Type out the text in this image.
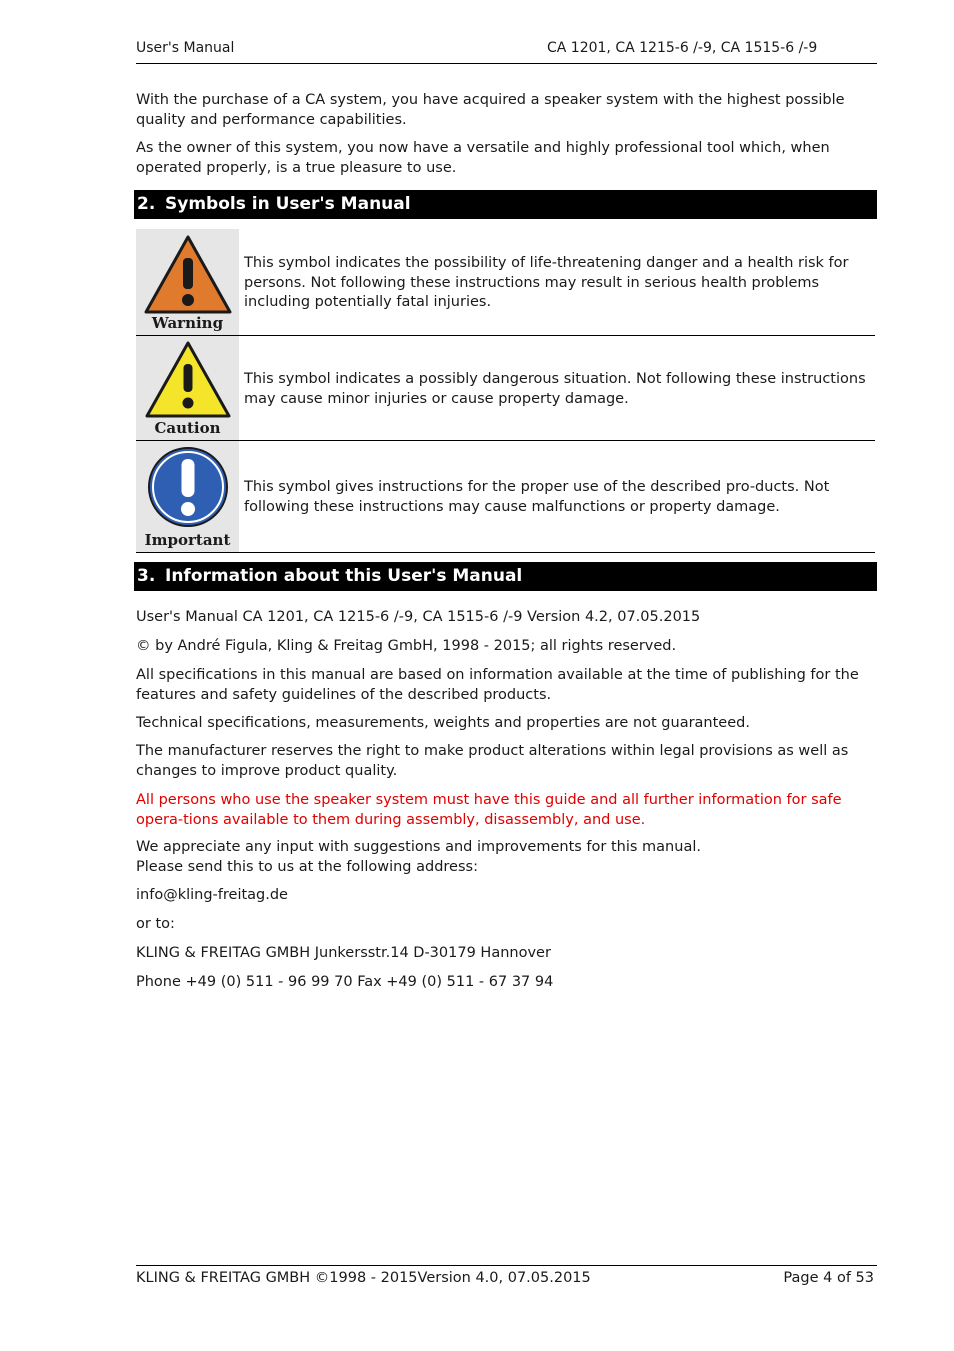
User's Manual	CA 1201, CA 1215-6 /-9, CA 1515-6 /-9

With the purchase of a CA system, you have acquired a speaker system with the highest possible quality and performance capabilities.

As the owner of this system, you now have a versatile and highly professional tool which, when operated properly, is a true pleasure to use.

2. Symbols in User's Manual
Warning
This symbol indicates the possibility of life-threatening danger and a health risk for persons. Not following these instructions may result in serious health problems including potentially fatal injuries.
Caution
This symbol indicates a possibly dangerous situation. Not following these instructions may cause minor injuries or cause property damage.
Important
This symbol gives instructions for the proper use of the described pro-ducts. Not following these instructions may cause malfunctions or property damage.
3. Information about this User's Manual

User's Manual CA 1201, CA 1215-6 /-9, CA 1515-6 /-9 Version 4.2, 07.05.2015

© by André Figula, Kling & Freitag GmbH, 1998 - 2015; all rights reserved.

All specifications in this manual are based on information available at the time of publishing for the features and safety guidelines of the described products.

Technical specifications, measurements, weights and properties are not guaranteed.

The manufacturer reserves the right to make product alterations within legal provisions as well as changes to improve product quality.

All persons who use the speaker system must have this guide and all further information for safe opera-tions available to them during assembly, disassembly, and use.

We appreciate any input with suggestions and improvements for this manual.

Please send this to us at the following address:

info@kling-freitag.de

or to:

KLING & FREITAG GMBH Junkersstr.14 D-30179 Hannover

Phone +49 (0) 511 - 96 99 70 Fax +49 (0) 511 - 67 37 94

KLING & FREITAG GMBH ©1998 - 2015Version 4.0, 07.05.2015	Page 4 of 53
